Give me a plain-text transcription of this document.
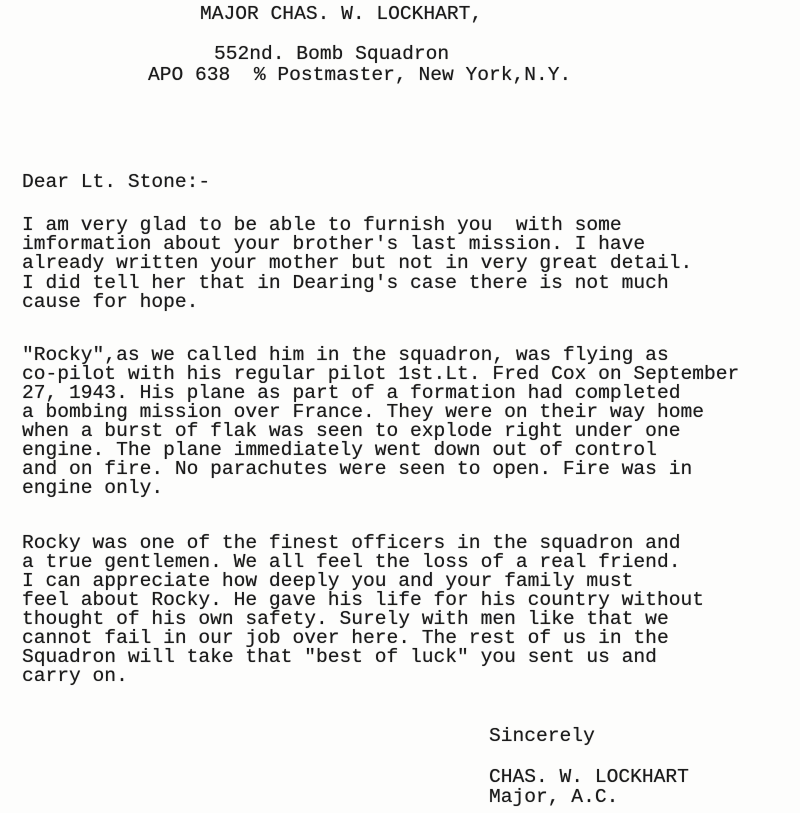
MAJOR CHAS. W. LOCKHART,
552nd. Bomb Squadron
APO 638  % Postmaster, New York,N.Y.
Dear Lt. Stone:-
I am very glad to be able to furnish you  with some
imformation about your brother's last mission. I have
already written your mother but not in very great detail.
I did tell her that in Dearing's case there is not much
cause for hope.
"Rocky",as we called him in the squadron, was flying as
co-pilot with his regular pilot 1st.Lt. Fred Cox on September
27, 1943. His plane as part of a formation had completed
a bombing mission over France. They were on their way home
when a burst of flak was seen to explode right under one
engine. The plane immediately went down out of control
and on fire. No parachutes were seen to open. Fire was in
engine only.
Rocky was one of the finest officers in the squadron and
a true gentlemen. We all feel the loss of a real friend.
I can appreciate how deeply you and your family must
feel about Rocky. He gave his life for his country without
thought of his own safety. Surely with men like that we
cannot fail in our job over here. The rest of us in the
Squadron will take that "best of luck" you sent us and
carry on.
Sincerely
CHAS. W. LOCKHART
Major, A.C.
